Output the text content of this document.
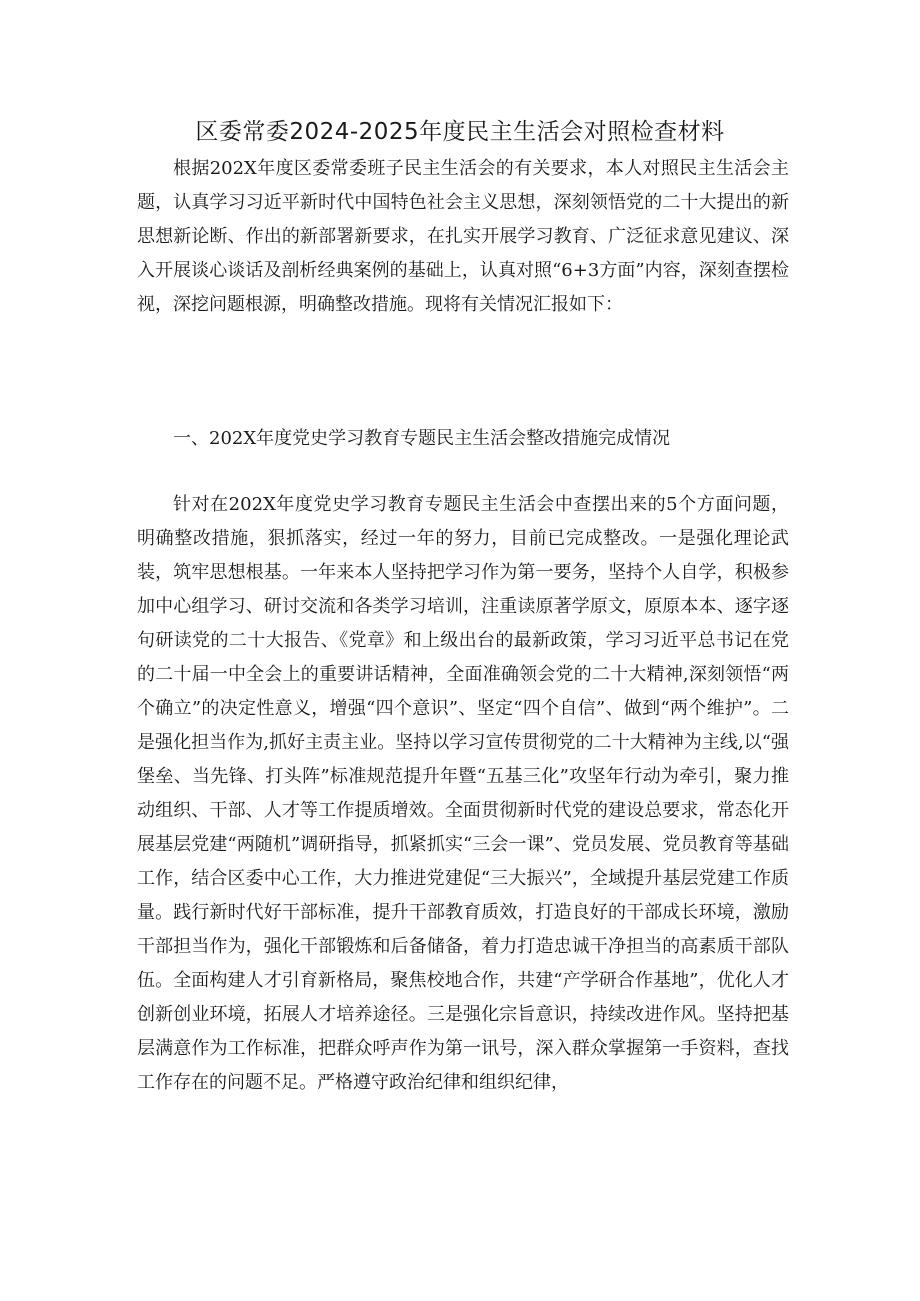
区委常委2024-2025年度民主生活会对照检查材料

根据202X年度区委常委班子民主生活会的有关要求，本人对照民主生活会主题，认真学习习近平新时代中国特色社会主义思想，深刻领悟党的二十大提出的新思想新论断、作出的新部署新要求，在扎实开展学习教育、广泛征求意见建议、深入开展谈心谈话及剖析经典案例的基础上，认真对照“6+3方面”内容，深刻查摆检视，深挖问题根源，明确整改措施。现将有关情况汇报如下：

一、202X年度党史学习教育专题民主生活会整改措施完成情况

针对在202X年度党史学习教育专题民主生活会中查摆出来的5个方面问题，明确整改措施，狠抓落实，经过一年的努力，目前已完成整改。一是强化理论武装，筑牢思想根基。一年来本人坚持把学习作为第一要务，坚持个人自学，积极参加中心组学习、研讨交流和各类学习培训，注重读原著学原文，原原本本、逐字逐句研读党的二十大报告、《党章》和上级出台的最新政策，学习习近平总书记在党的二十届一中全会上的重要讲话精神，全面准确领会党的二十大精神,深刻领悟“两个确立”的决定性意义，增强“四个意识”、坚定“四个自信”、做到“两个维护”。二是强化担当作为,抓好主责主业。坚持以学习宣传贯彻党的二十大精神为主线,以“强堡垒、当先锋、打头阵”标准规范提升年暨“五基三化”攻坚年行动为牵引，聚力推动组织、干部、人才等工作提质增效。全面贯彻新时代党的建设总要求，常态化开展基层党建“两随机”调研指导，抓紧抓实“三会一课”、党员发展、党员教育等基础工作，结合区委中心工作，大力推进党建促“三大振兴”，全域提升基层党建工作质量。践行新时代好干部标准，提升干部教育质效，打造良好的干部成长环境，激励干部担当作为，强化干部锻炼和后备储备，着力打造忠诚干净担当的高素质干部队伍。全面构建人才引育新格局，聚焦校地合作，共建“产学研合作基地”，优化人才创新创业环境，拓展人才培养途径。三是强化宗旨意识，持续改进作风。坚持把基层满意作为工作标准，把群众呼声作为第一讯号，深入群众掌握第一手资料，查找工作存在的问题不足。严格遵守政治纪律和组织纪律，
